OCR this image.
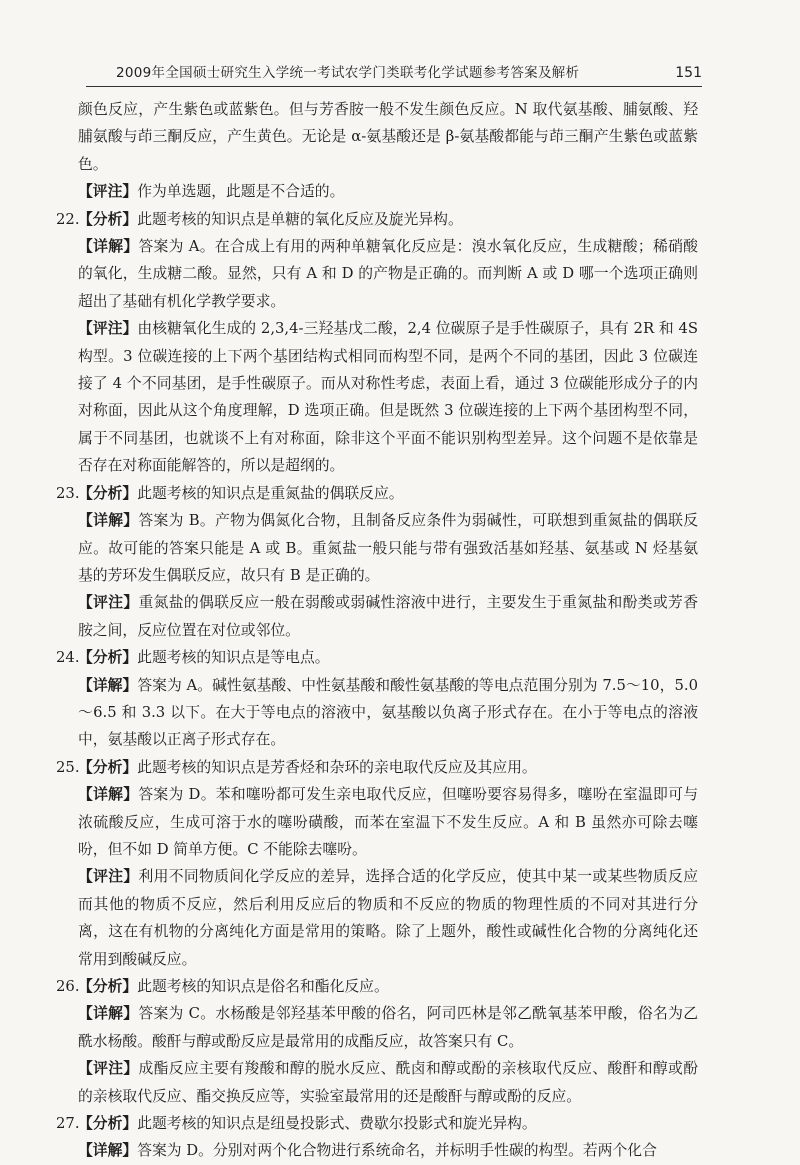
2009年全国硕士研究生入学统一考试农学门类联考化学试题参考答案及解析	151

颜色反应，产生紫色或蓝紫色。但与芳香胺一般不发生颜色反应。N 取代氨基酸、脯氨酸、羟脯氨酸与茚三酮反应，产生黄色。无论是 α-氨基酸还是 β-氨基酸都能与茚三酮产生紫色或蓝紫色。

【评注】作为单选题，此题是不合适的。

22.【分析】此题考核的知识点是单糖的氧化反应及旋光异构。

【详解】答案为 A。在合成上有用的两种单糖氧化反应是：溴水氧化反应，生成糖酸；稀硝酸的氧化，生成糖二酸。显然，只有 A 和 D 的产物是正确的。而判断 A 或 D 哪一个选项正确则超出了基础有机化学教学要求。

【评注】由核糖氧化生成的 2,3,4-三羟基戊二酸，2,4 位碳原子是手性碳原子，具有 2R 和 4S 构型。3 位碳连接的上下两个基团结构式相同而构型不同，是两个不同的基团，因此 3 位碳连接了 4 个不同基团，是手性碳原子。而从对称性考虑，表面上看，通过 3 位碳能形成分子的内对称面，因此从这个角度理解，D 选项正确。但是既然 3 位碳连接的上下两个基团构型不同，属于不同基团，也就谈不上有对称面，除非这个平面不能识别构型差异。这个问题不是依靠是否存在对称面能解答的，所以是超纲的。

23.【分析】此题考核的知识点是重氮盐的偶联反应。

【详解】答案为 B。产物为偶氮化合物，且制备反应条件为弱碱性，可联想到重氮盐的偶联反应。故可能的答案只能是 A 或 B。重氮盐一般只能与带有强致活基如羟基、氨基或 N 烃基氨基的芳环发生偶联反应，故只有 B 是正确的。

【评注】重氮盐的偶联反应一般在弱酸或弱碱性溶液中进行，主要发生于重氮盐和酚类或芳香胺之间，反应位置在对位或邻位。

24.【分析】此题考核的知识点是等电点。

【详解】答案为 A。碱性氨基酸、中性氨基酸和酸性氨基酸的等电点范围分别为 7.5～10，5.0～6.5 和 3.3 以下。在大于等电点的溶液中，氨基酸以负离子形式存在。在小于等电点的溶液中，氨基酸以正离子形式存在。

25.【分析】此题考核的知识点是芳香烃和杂环的亲电取代反应及其应用。

【详解】答案为 D。苯和噻吩都可发生亲电取代反应，但噻吩要容易得多，噻吩在室温即可与浓硫酸反应，生成可溶于水的噻吩磺酸，而苯在室温下不发生反应。A 和 B 虽然亦可除去噻吩，但不如 D 简单方便。C 不能除去噻吩。

【评注】利用不同物质间化学反应的差异，选择合适的化学反应，使其中某一或某些物质反应而其他的物质不反应，然后利用反应后的物质和不反应的物质的物理性质的不同对其进行分离，这在有机物的分离纯化方面是常用的策略。除了上题外，酸性或碱性化合物的分离纯化还常用到酸碱反应。

26.【分析】此题考核的知识点是俗名和酯化反应。

【详解】答案为 C。水杨酸是邻羟基苯甲酸的俗名，阿司匹林是邻乙酰氧基苯甲酸，俗名为乙酰水杨酸。酸酐与醇或酚反应是最常用的成酯反应，故答案只有 C。

【评注】成酯反应主要有羧酸和醇的脱水反应、酰卤和醇或酚的亲核取代反应、酸酐和醇或酚的亲核取代反应、酯交换反应等，实验室最常用的还是酸酐与醇或酚的反应。

27.【分析】此题考核的知识点是纽曼投影式、费歇尔投影式和旋光异构。

【详解】答案为 D。分别对两个化合物进行系统命名，并标明手性碳的构型。若两个化合
